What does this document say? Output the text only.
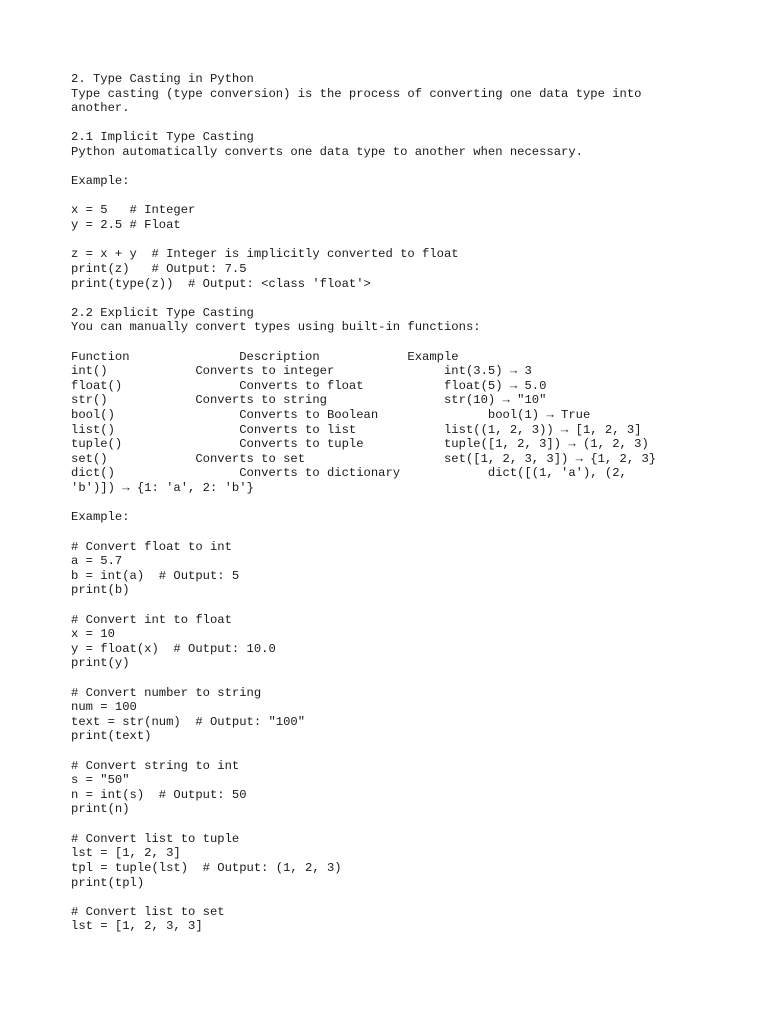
2. Type Casting in Python
Type casting (type conversion) is the process of converting one data type into
another.
2.1 Implicit Type Casting
Python automatically converts one data type to another when necessary.
Example:
x = 5   # Integer
y = 2.5 # Float
z = x + y  # Integer is implicitly converted to float
print(z)   # Output: 7.5
print(type(z))  # Output: <class 'float'>
2.2 Explicit Type Casting
You can manually convert types using built-in functions:
Function               Description            Example
int()            Converts to integer               int(3.5) → 3
float()                Converts to float           float(5) → 5.0
str()            Converts to string                str(10) → "10"
bool()                 Converts to Boolean               bool(1) → True
list()                 Converts to list            list((1, 2, 3)) → [1, 2, 3]
tuple()                Converts to tuple           tuple([1, 2, 3]) → (1, 2, 3)
set()            Converts to set                   set([1, 2, 3, 3]) → {1, 2, 3}
dict()                 Converts to dictionary            dict([(1, 'a'), (2,
'b')]) → {1: 'a', 2: 'b'}
Example:
# Convert float to int
a = 5.7
b = int(a)  # Output: 5
print(b)
# Convert int to float
x = 10
y = float(x)  # Output: 10.0
print(y)
# Convert number to string
num = 100
text = str(num)  # Output: "100"
print(text)
# Convert string to int
s = "50"
n = int(s)  # Output: 50
print(n)
# Convert list to tuple
lst = [1, 2, 3]
tpl = tuple(lst)  # Output: (1, 2, 3)
print(tpl)
# Convert list to set
lst = [1, 2, 3, 3]
